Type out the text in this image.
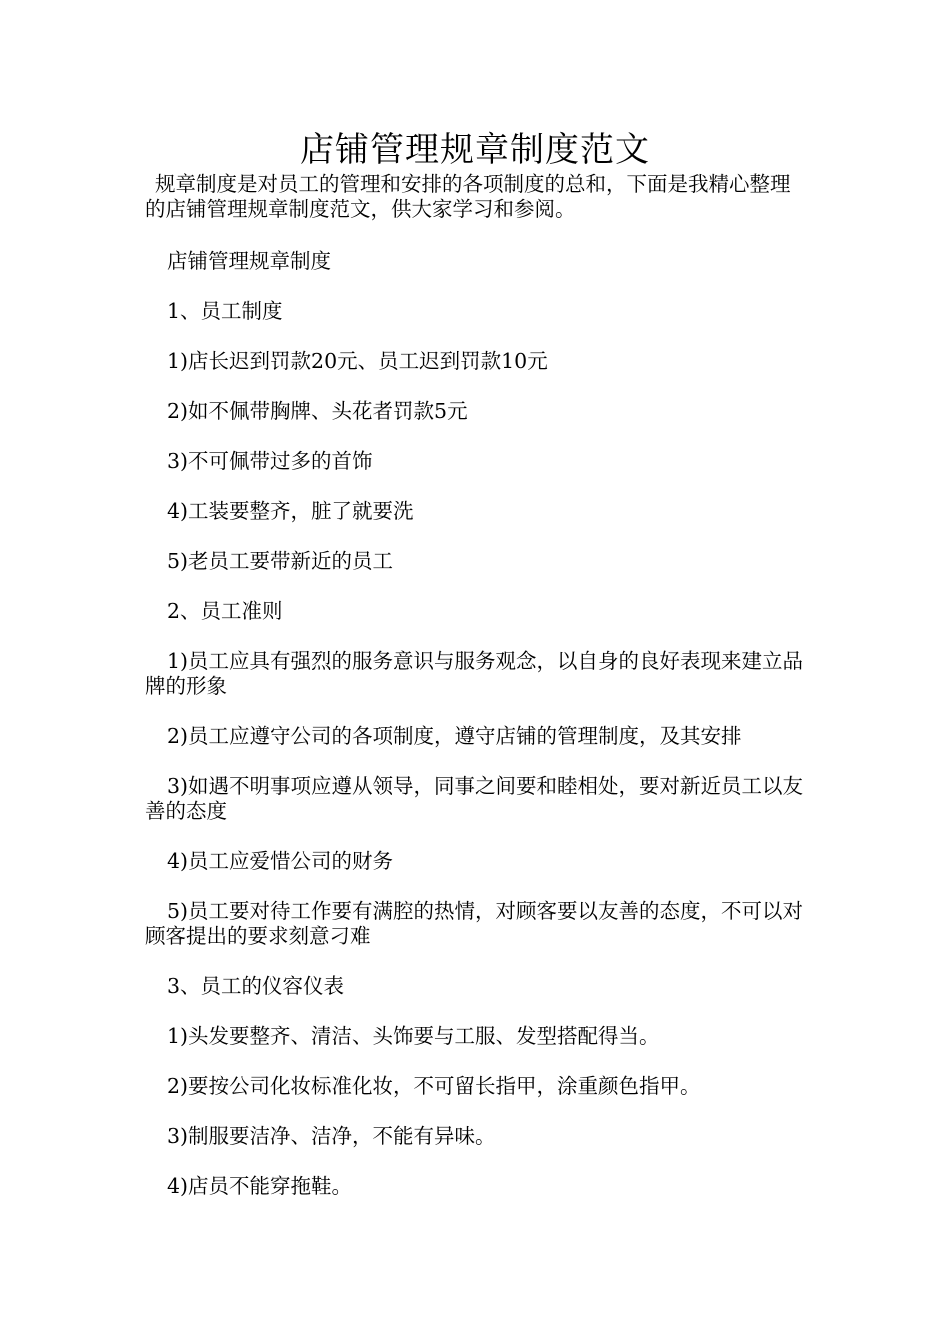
店铺管理规章制度范文

规章制度是对员工的管理和安排的各项制度的总和，下面是我精心整理的店铺管理规章制度范文，供大家学习和参阅。

店铺管理规章制度

1、员工制度

1)店长迟到罚款20元、员工迟到罚款10元

2)如不佩带胸牌、头花者罚款5元

3)不可佩带过多的首饰

4)工装要整齐，脏了就要洗

5)老员工要带新近的员工

2、员工准则

1)员工应具有强烈的服务意识与服务观念，以自身的良好表现来建立品牌的形象

2)员工应遵守公司的各项制度，遵守店铺的管理制度，及其安排

3)如遇不明事项应遵从领导，同事之间要和睦相处，要对新近员工以友善的态度

4)员工应爱惜公司的财务

5)员工要对待工作要有满腔的热情，对顾客要以友善的态度，不可以对顾客提出的要求刻意刁难

3、员工的仪容仪表

1)头发要整齐、清洁、头饰要与工服、发型搭配得当。

2)要按公司化妆标准化妆，不可留长指甲，涂重颜色指甲。

3)制服要洁净、洁净，不能有异味。

4)店员不能穿拖鞋。
